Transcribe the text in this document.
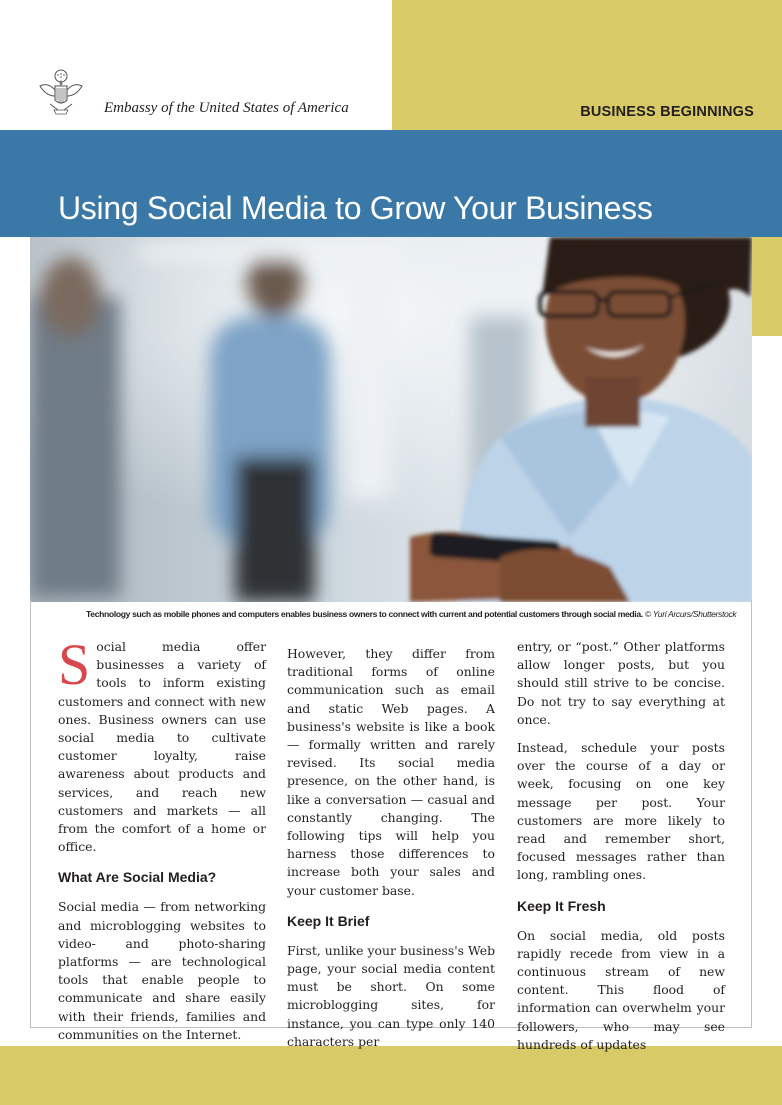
Embassy of the United States of America	BUSINESS BEGINNINGS
Using Social Media to Grow Your Business
Technology such as mobile phones and computers enables business owners to connect with current and potential customers through social media. © Yuri Arcurs/Shutterstock

Social media offer businesses a variety of tools to inform existing customers and connect with new ones. Business owners can use social media to cultivate customer loyalty, raise awareness about products and services, and reach new customers and markets — all from the comfort of a home or office.

What Are Social Media?

Social media — from networking and microblogging websites to video- and photo-sharing platforms — are technological tools that enable people to communicate and share easily with their friends, families and communities on the Internet.

However, they differ from traditional forms of online communication such as email and static Web pages. A business's website is like a book — formally written and rarely revised. Its social media presence, on the other hand, is like a conversation — casual and constantly changing. The following tips will help you harness those differences to increase both your sales and your customer base.

Keep It Brief

First, unlike your business's Web page, your social media content must be short. On some microblogging sites, for instance, you can type only 140 characters per

entry, or “post.” Other platforms allow longer posts, but you should still strive to be concise. Do not try to say everything at once.

Instead, schedule your posts over the course of a day or week, focusing on one key message per post. Your customers are more likely to read and remember short, focused messages rather than long, rambling ones.

Keep It Fresh

On social media, old posts rapidly recede from view in a continuous stream of new content. This flood of information can overwhelm your followers, who may see hundreds of updates
